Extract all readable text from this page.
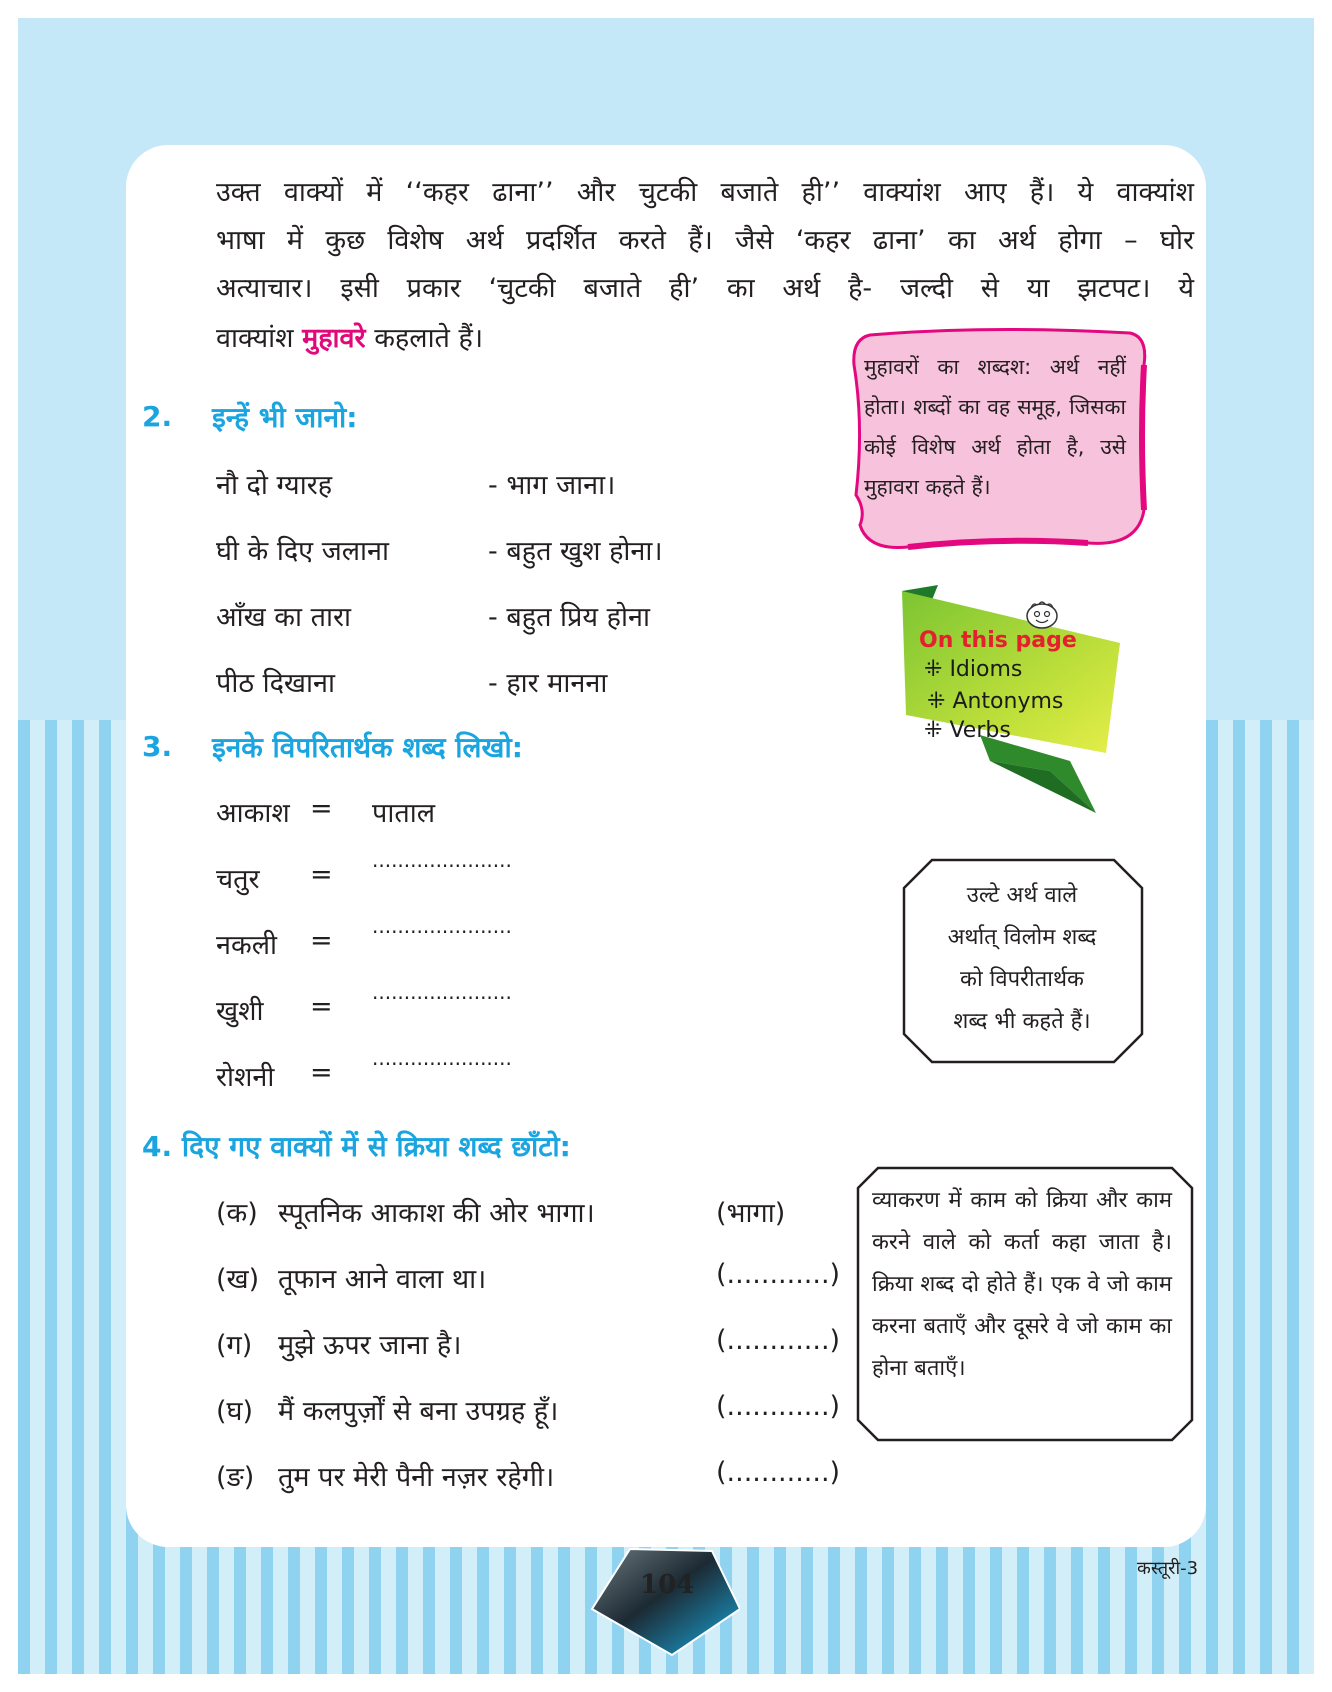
उक्त वाक्यों में ‘‘कहर ढाना’’ और चुटकी बजाते ही’’ वाक्यांश आए हैं। ये वाक्यांश
भाषा में कुछ विशेष अर्थ प्रदर्शित करते हैं। जैसे ‘कहर ढाना’ का अर्थ होगा – घोर
अत्याचार। इसी प्रकार ‘चुटकी बजाते ही’ का अर्थ है- जल्दी से या झटपट। ये
वाक्यांश मुहावरे कहलाते हैं।
2. इन्हें भी जानो:
नौ दो ग्यारह	- भाग जाना।
घी के दिए जलाना	- बहुत खुश होना।
आँख का तारा	- बहुत प्रिय होना
पीठ दिखाना	- हार मानना
मुहावरों का शब्दश: अर्थ नहीं होता। शब्दों का वह समूह, जिसका कोई विशेष अर्थ होता है, उसे मुहावरा कहते हैं।
On this page
⁜ Idioms
⁜ Antonyms
⁜ Verbs
3. इनके विपरितार्थक शब्द लिखो:
आकाश = पाताल
चतुर = ......................
नकली = ......................
खुशी = ......................
रोशनी = ......................
उल्टे अर्थ वाले
अर्थात् विलोम शब्द
को विपरीतार्थक
शब्द भी कहते हैं।
4. दिए गए वाक्यों में से क्रिया शब्द छाँटो:
(क) स्पूतनिक आकाश की ओर भागा।	(भागा)
(ख) तूफान आने वाला था।	(............)
(ग) मुझे ऊपर जाना है।	(............)
(घ) मैं कलपुर्ज़ों से बना उपग्रह हूँ।	(............)
(ङ) तुम पर मेरी पैनी नज़र रहेगी।	(............)
व्याकरण में काम को क्रिया और काम करने वाले को कर्ता कहा जाता है। क्रिया शब्द दो होते हैं। एक वे जो काम करना बताएँ और दूसरे वे जो काम का होना बताएँ।
104
कस्तूरी-3
